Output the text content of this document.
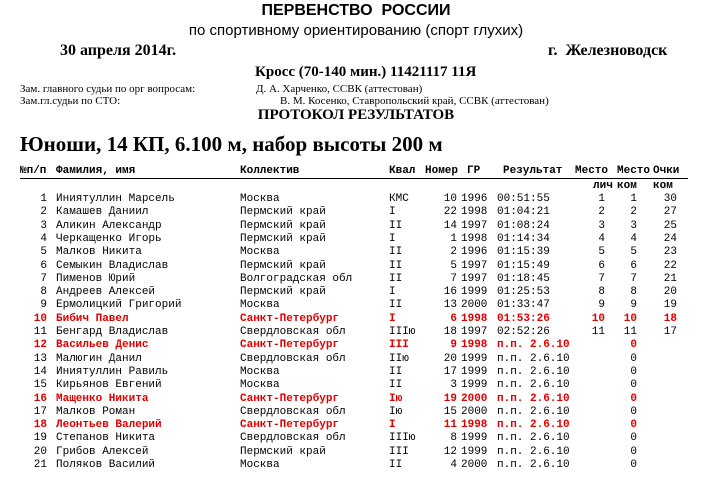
ПЕРВЕНСТВО  РОССИИ
по спортивному ориентированию (спорт глухих)
30 апреля 2014г.	г.  Железноводск
Кросс (70-140 мин.) 11421117 11Я
Зам. главного судьи по орг вопросам:	Д. А. Харченко, ССВК (аттестован)
Зам.гл.судьи по СТО:	В. М. Косенко, Ставропольский край, ССВК (аттестован)
ПРОТОКОЛ РЕЗУЛЬТАТОВ
Юноши, 14 КП, 6.100 м, набор высоты 200 м
№п/п Фамилия, имя	Коллектив	Квал Номер ГР Результат Место Место Очки
лич ком ком
1 Иниятуллин Марсель	Москва	КМС	10 1996 00:51:55	1 1 30
2 Камашев Даниил	Пермский край	I	22 1998 01:04:21	2 2 27
3 Аликин Александр	Пермский край	II	14 1997 01:08:24	3 3 25
4 Черкащенко Игорь	Пермский край	I	1 1998 01:14:34	4 4 24
5 Малков Никита	Москва	II	2 1996 01:15:39	5 5 23
6 Семыкин Владислав	Пермский край	II	5 1997 01:15:49	6 6 22
7 Пименов Юрий	Волгоградская обл	II	7 1997 01:18:45	7 7 21
8 Андреев Алексей	Пермский край	I	16 1999 01:25:53	8 8 20
9 Ермолицкий Григорий	Москва	II	13 2000 01:33:47	9 9 19
10 Бибич Павел	Санкт-Петербург	I	6 1998 01:53:26	10 10 18
11 Бенгард Владислав	Свердловская обл	IIIю	18 1997 02:52:26	11 11 17
12 Васильев Денис	Санкт-Петербург	III	9 1998 п.п. 2.6.10	0
13 Малюгин Данил	Свердловская обл	IIю	20 1999 п.п. 2.6.10	0
14 Иниятуллин Равиль	Москва	II	17 1999 п.п. 2.6.10	0
15 Кирьянов Евгений	Москва	II	3 1999 п.п. 2.6.10	0
16 Мащенко Никита	Санкт-Петербург	Iю	19 2000 п.п. 2.6.10	0
17 Малков Роман	Свердловская обл	Iю	15 2000 п.п. 2.6.10	0
18 Леонтьев Валерий	Санкт-Петербург	I	11 1998 п.п. 2.6.10	0
19 Степанов Никита	Свердловская обл	IIIю	8 1999 п.п. 2.6.10	0
20 Грибов Алексей	Пермский край	III	12 1999 п.п. 2.6.10	0
21 Поляков Василий	Москва	II	4 2000 п.п. 2.6.10	0
